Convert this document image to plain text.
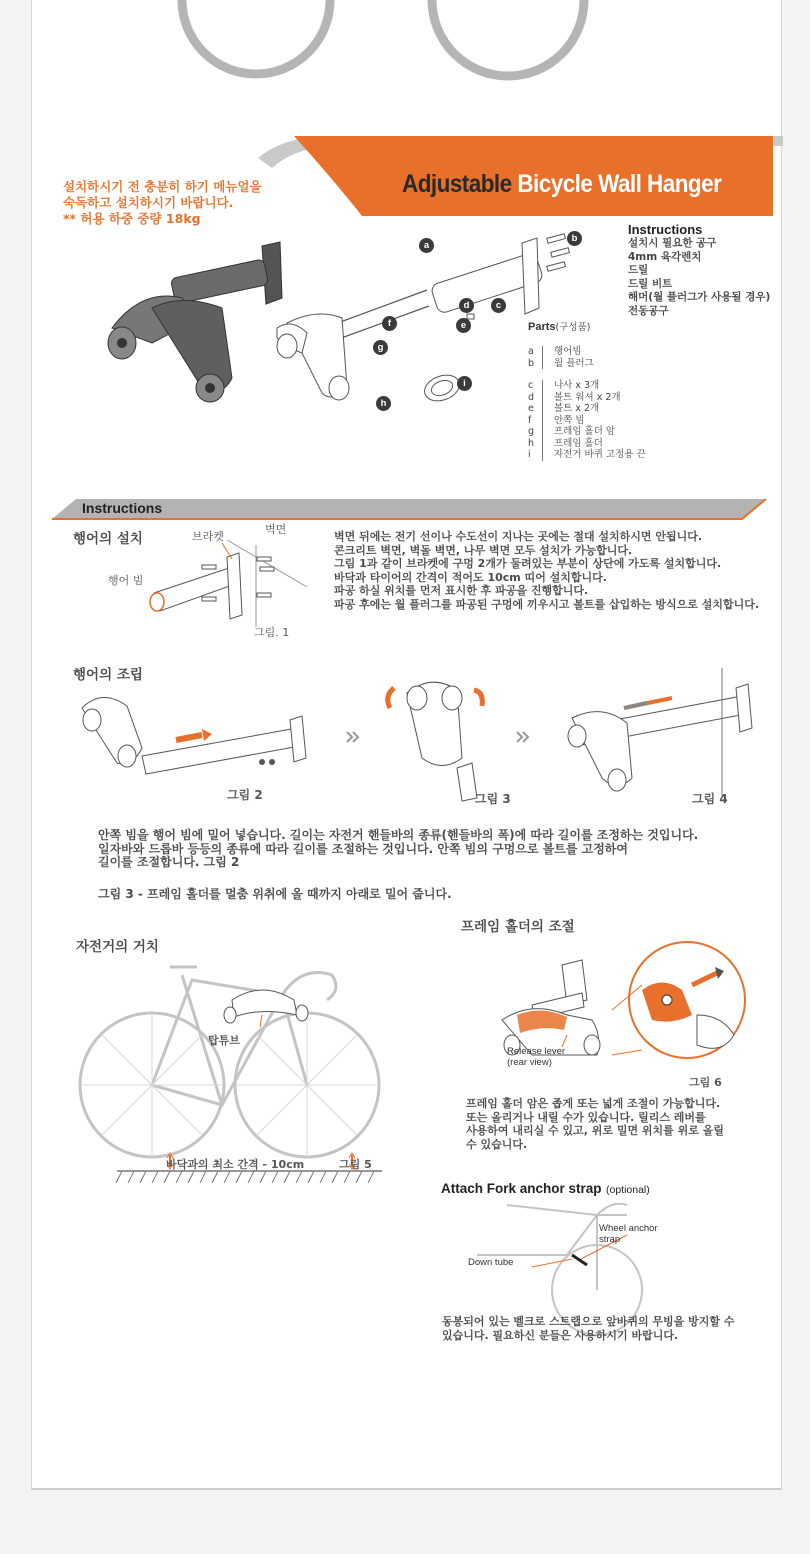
Adjustable Bicycle Wall Hanger
설치하시기 전 충분히 하기 메뉴얼을
숙독하고 설치하시기 바랍니다.
** 허용 하중 중량 18kg
Instructions
설치시 필요한 공구
4mm 육각렌치
드릴
드릴 비트
해머(월 플러그가 사용될 경우)
전동공구
a
b
c
d
e
f
g
h
i
Parts(구성품)
a	행어빔
b	월 플러그
c	나사 x 3개
d	볼트 워셔 x 2개
e	볼트 x 2개
f	안쪽 빔
g	프레임 홀더 암
h	프레임 홀더
i	자전거 바퀴 고정용 끈
Instructions
행어의 설치	브라켓
벽면
행어 빔
그림. 1
벽면 뒤에는 전기 선이나 수도선이 지나는 곳에는 절대 설치하시면 안됩니다.
콘크리트 벽면, 벽돌 벽면, 나무 벽면 모두 설치가 가능합니다.
그림 1과 같이 브라켓에 구멍 2개가 둘려있는 부분이 상단에 가도록 설치합니다.
바닥과 타이어의 간격이 적어도 10cm 띠어 설치합니다.
파공 하실 위치를 먼저 표시한 후 파공을 진행합니다.
파공 후에는 월 플러그를 파공된 구멍에 끼우시고 볼트를 삽입하는 방식으로 설치합니다.
행어의 조립
그림 2	그림 3	그림 4
안쪽 빔을 행어 빔에 밀어 넣습니다. 길이는 자전거 핸들바의 종류(핸들바의 폭)에 따라 길이를 조정하는 것입니다.
일자바와 드롭바 등등의 종류에 따라 길이를 조절하는 것입니다. 안쪽 빔의 구멍으로 볼트를 고정하여
길이를 조절합니다. 그림 2
그림 3 - 프레임 홀더를 멀춤 위취에 올 때까지 아래로 밀어 줍니다.
자전거의 거치
탑튜브
바닥과의 최소 간격 - 10cm	그림 5
프레임 홀더의 조절
Release lever
(rear view)
그림 6
프레임 홀더 암은 좁게 또는 넓게 조절이 가능합니다.
또는 올리거나 내릴 수가 있습니다. 릴리스 레버를
사용하여 내리실 수 있고, 위로 밀면 위치를 위로 올릴
수 있습니다.
Attach Fork anchor strap (optional)
Wheel anchor
strap
Down tube
동봉되어 있는 벨크로 스트랩으로 앞바퀴의 무빙을 방지할 수
있습니다. 필요하신 분들은 사용하시기 바랍니다.
